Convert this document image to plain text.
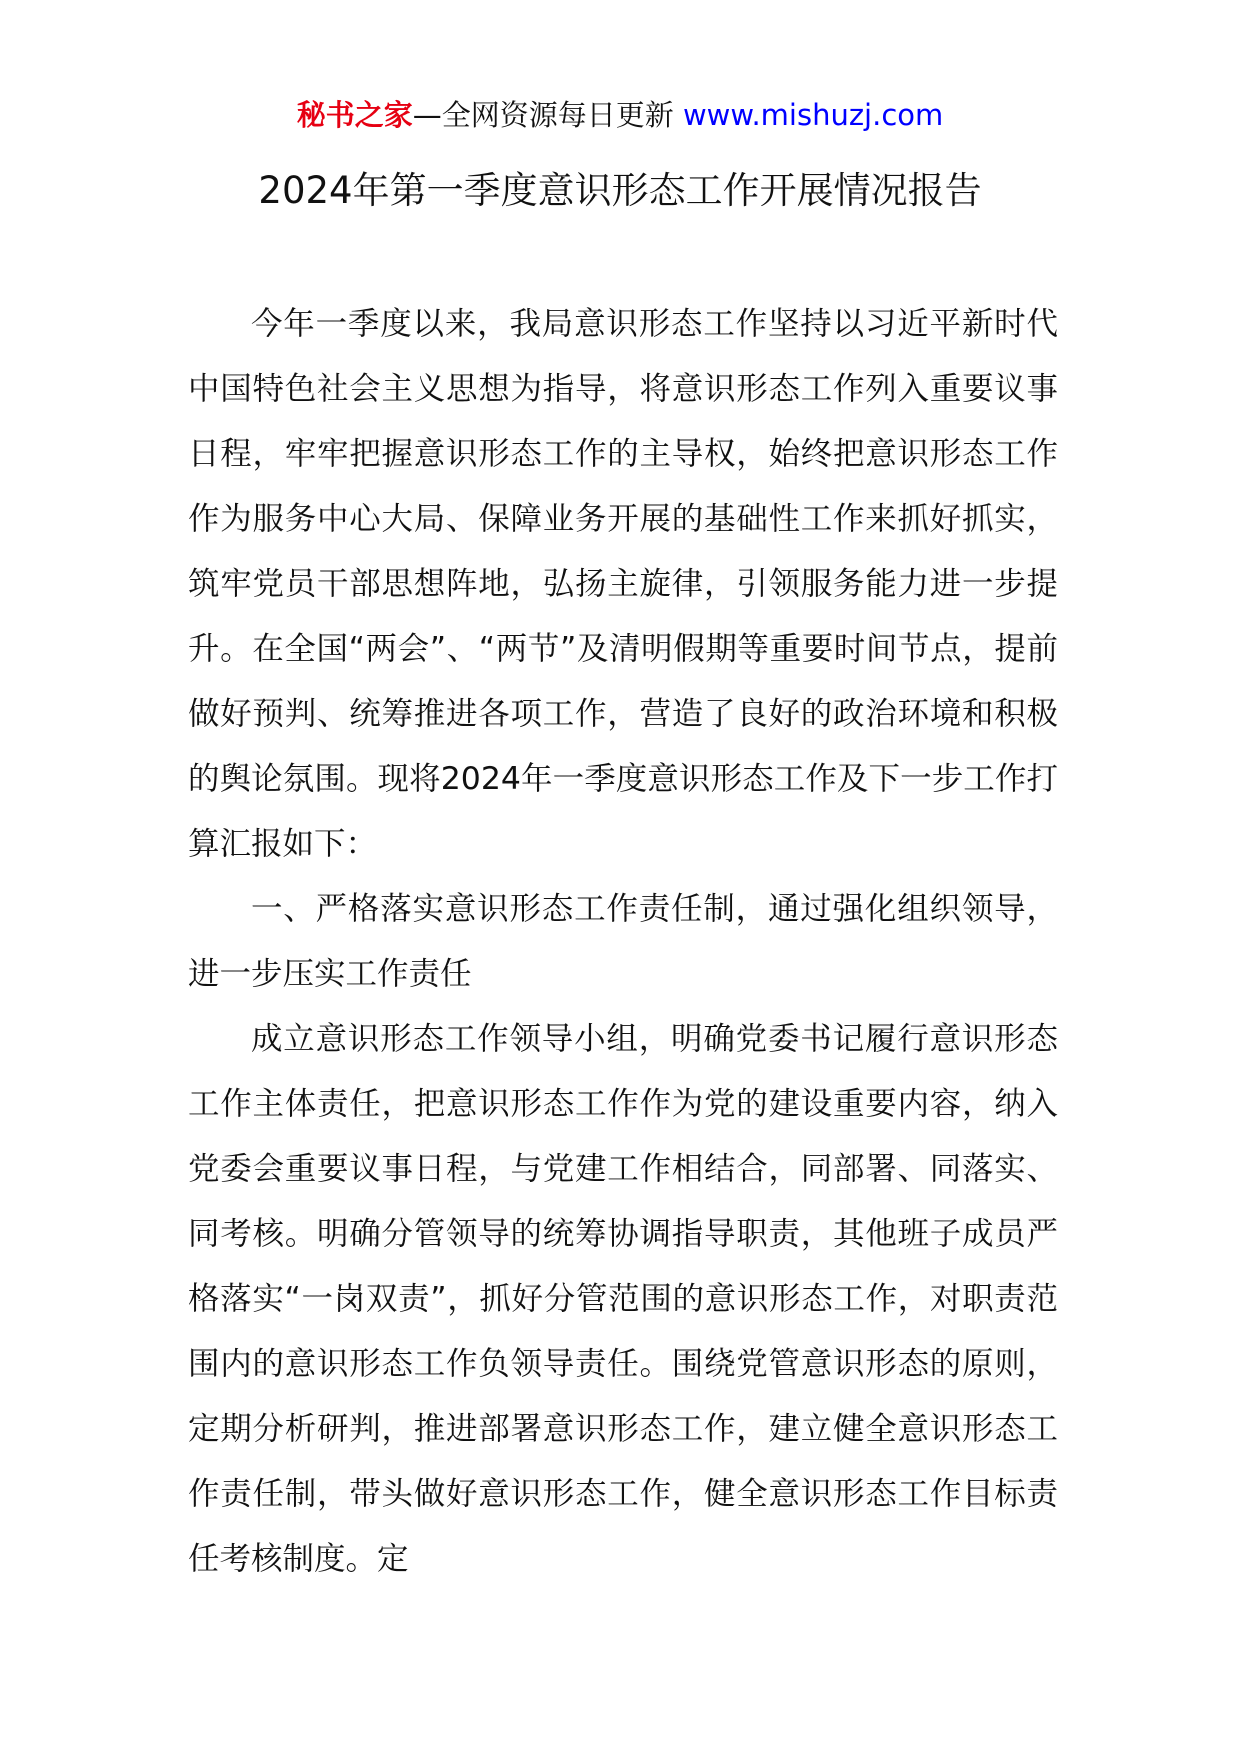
秘书之家—全网资源每日更新 www.mishuzj.com
2024年第一季度意识形态工作开展情况报告

今年一季度以来，我局意识形态工作坚持以习近平新时代中国特色社会主义思想为指导，将意识形态工作列入重要议事日程，牢牢把握意识形态工作的主导权，始终把意识形态工作作为服务中心大局、保障业务开展的基础性工作来抓好抓实，筑牢党员干部思想阵地，弘扬主旋律，引领服务能力进一步提升。在全国“两会”、“两节”及清明假期等重要时间节点，提前做好预判、统筹推进各项工作，营造了良好的政治环境和积极的舆论氛围。现将2024年一季度意识形态工作及下一步工作打算汇报如下：

一、严格落实意识形态工作责任制，通过强化组织领导，进一步压实工作责任

成立意识形态工作领导小组，明确党委书记履行意识形态工作主体责任，把意识形态工作作为党的建设重要内容，纳入党委会重要议事日程，与党建工作相结合，同部署、同落实、同考核。明确分管领导的统筹协调指导职责，其他班子成员严格落实“一岗双责”，抓好分管范围的意识形态工作，对职责范围内的意识形态工作负领导责任。围绕党管意识形态的原则，定期分析研判，推进部署意识形态工作，建立健全意识形态工作责任制，带头做好意识形态工作，健全意识形态工作目标责任考核制度。定
